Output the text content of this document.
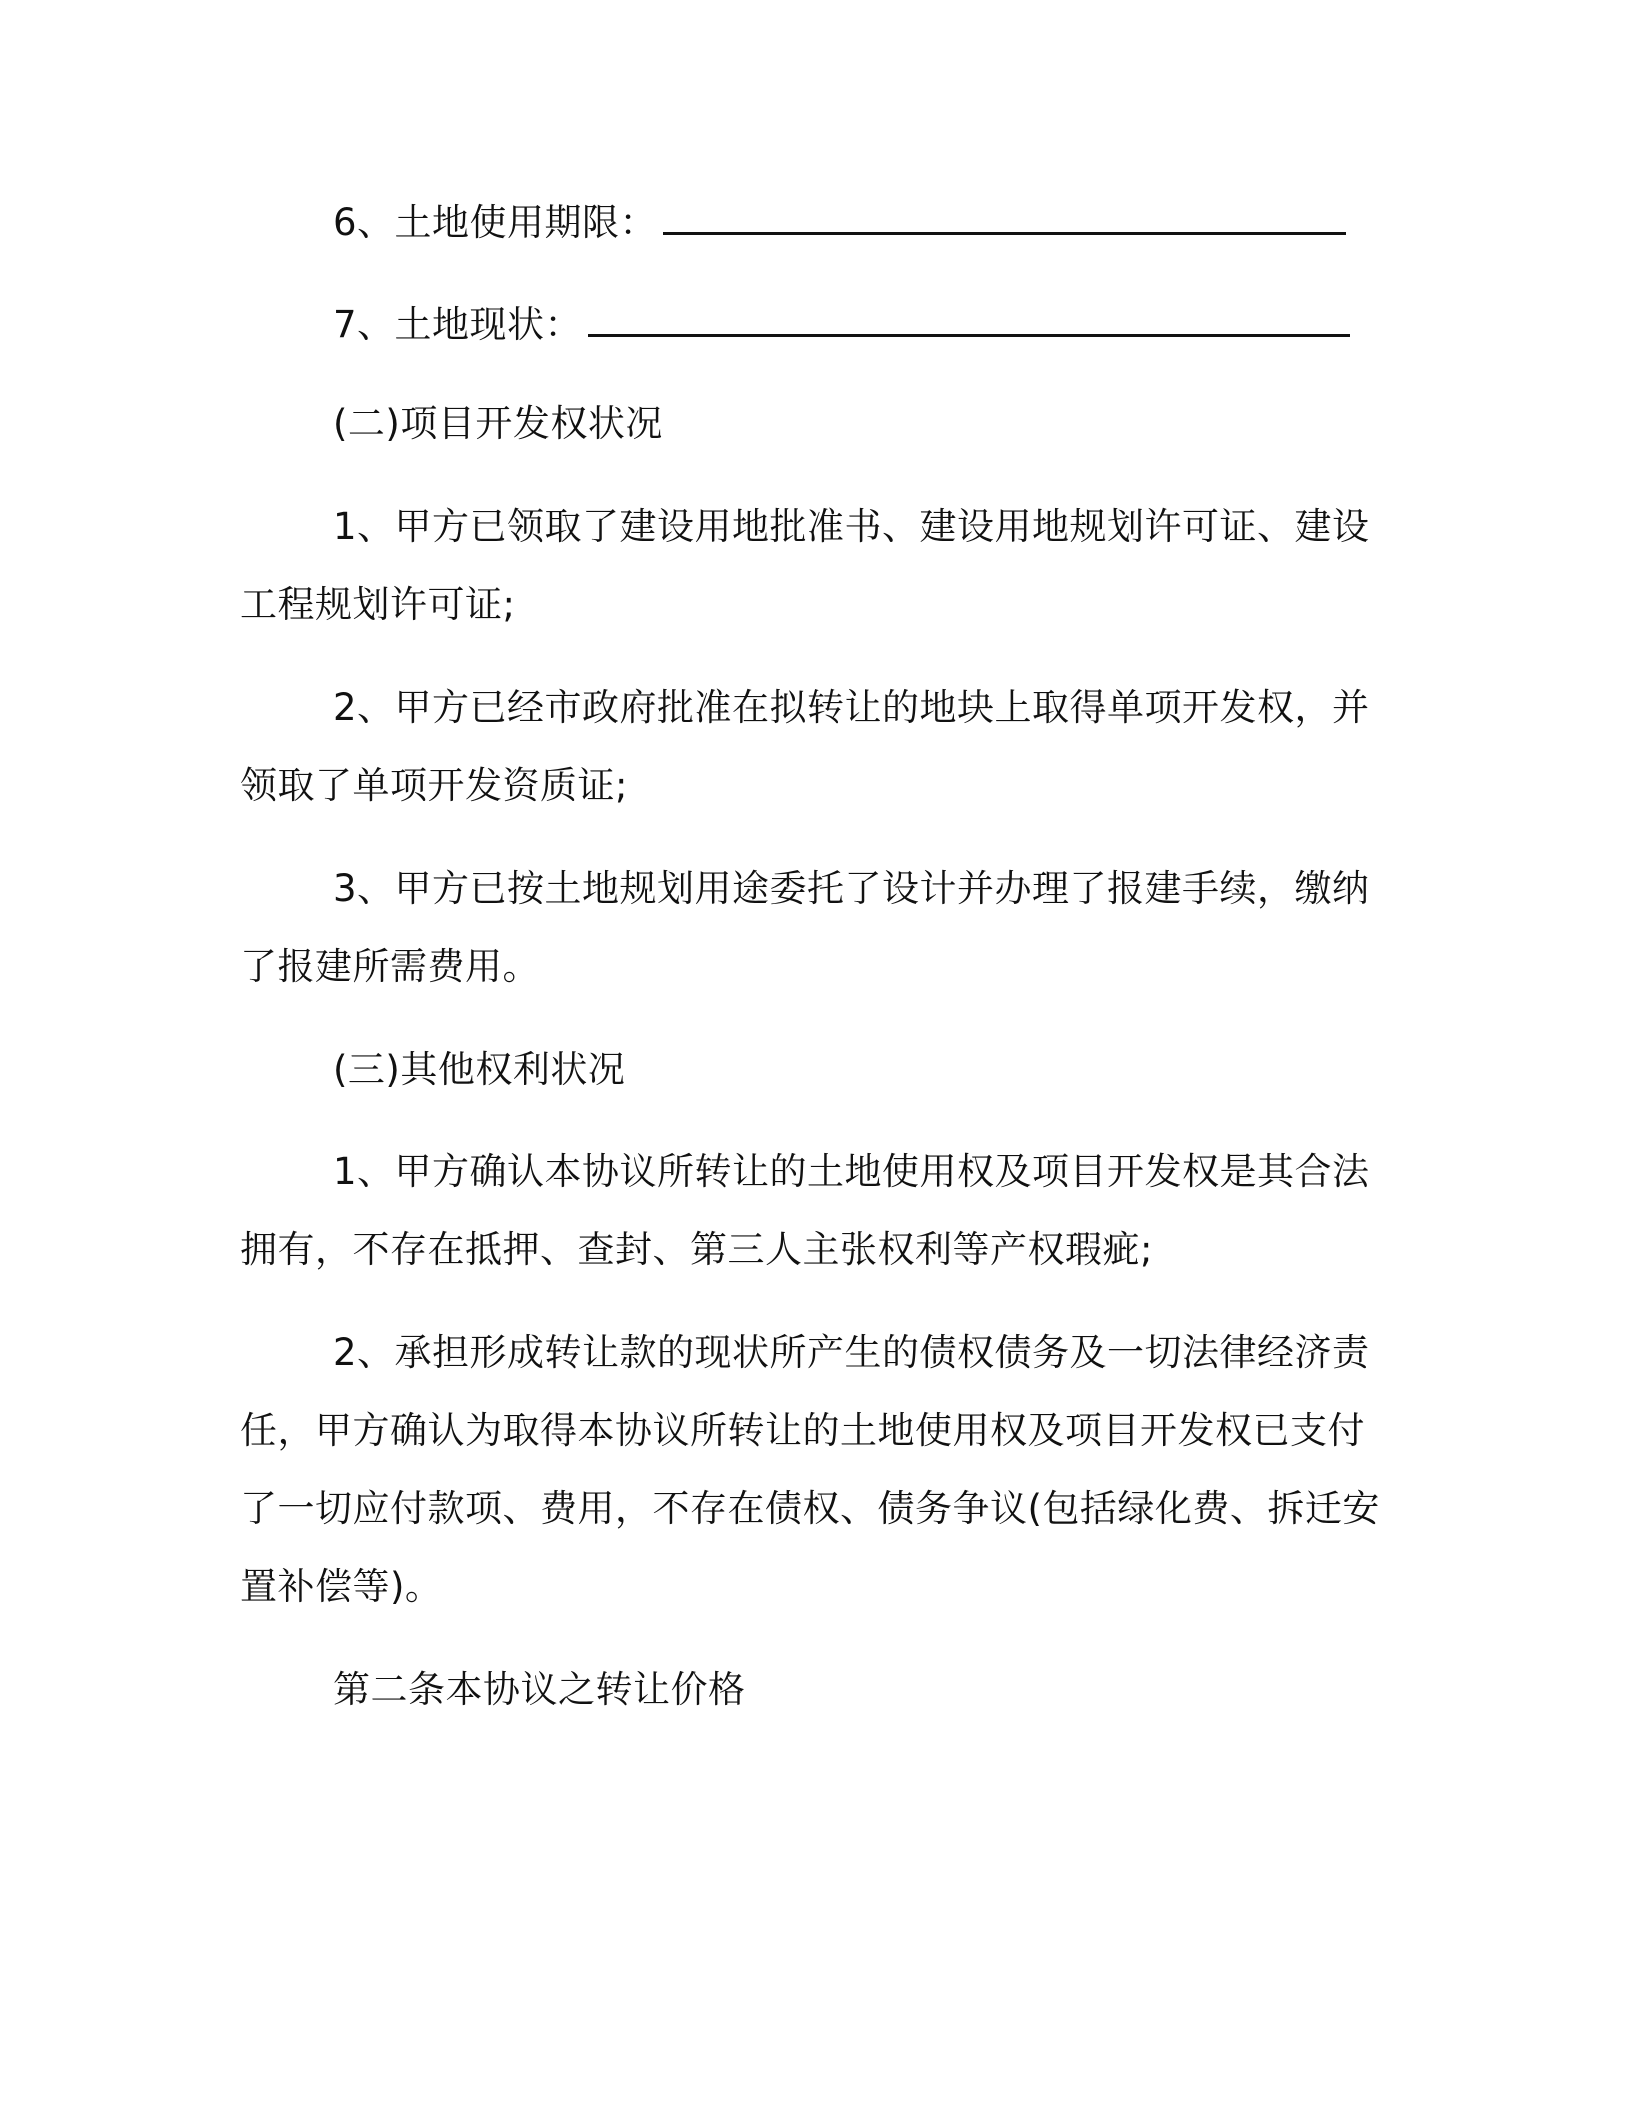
6、土地使用期限：
7、土地现状：
(二)项目开发权状况
1、甲方已领取了建设用地批准书、建设用地规划许可证、建设
工程规划许可证;
2、甲方已经市政府批准在拟转让的地块上取得单项开发权，并
领取了单项开发资质证;
3、甲方已按土地规划用途委托了设计并办理了报建手续，缴纳
了报建所需费用。
(三)其他权利状况
1、甲方确认本协议所转让的土地使用权及项目开发权是其合法
拥有，不存在抵押、查封、第三人主张权利等产权瑕疵;
2、承担形成转让款的现状所产生的债权债务及一切法律经济责
任，甲方确认为取得本协议所转让的土地使用权及项目开发权已支付
了一切应付款项、费用，不存在债权、债务争议(包括绿化费、拆迁安
置补偿等)。
第二条本协议之转让价格
